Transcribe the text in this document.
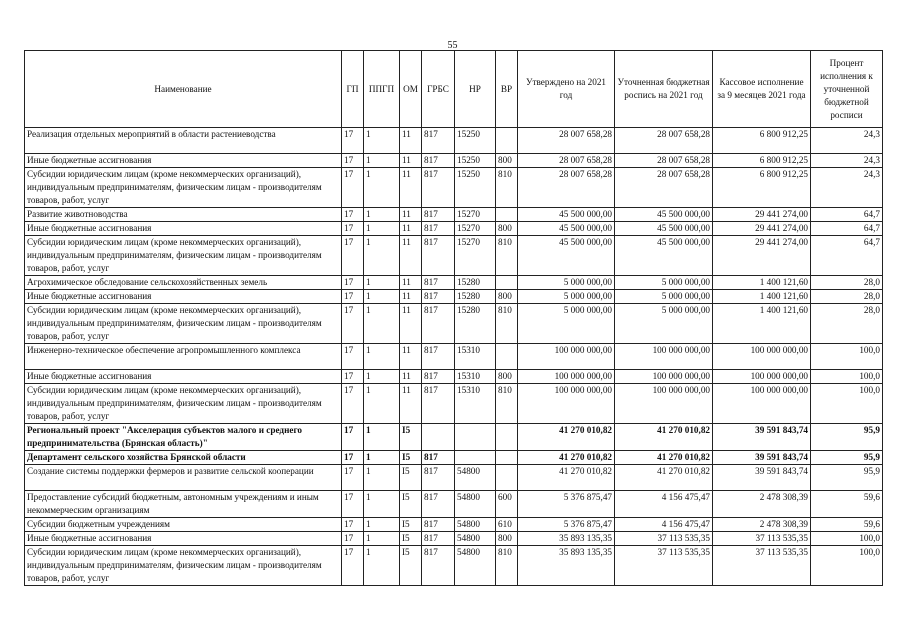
55
Наименование	ГП	ППГП	ОМ	ГРБС	НР	ВР	Утверждено на 2021 год	Уточненная бюджетная роспись на 2021 год	Кассовое исполнение за 9 месяцев 2021 года	Процент исполнения к уточненной бюджетной росписи
Реализация отдельных мероприятий в области растениеводства	17	1	11	817	15250		28 007 658,28	28 007 658,28	6 800 912,25	24,3
Иные бюджетные ассигнования	17	1	11	817	15250	800	28 007 658,28	28 007 658,28	6 800 912,25	24,3
Субсидии юридическим лицам (кроме некоммерческих организаций), индивидуальным предпринимателям, физическим лицам - производителям товаров, работ, услуг	17	1	11	817	15250	810	28 007 658,28	28 007 658,28	6 800 912,25	24,3
Развитие животноводства	17	1	11	817	15270		45 500 000,00	45 500 000,00	29 441 274,00	64,7
Иные бюджетные ассигнования	17	1	11	817	15270	800	45 500 000,00	45 500 000,00	29 441 274,00	64,7
Субсидии юридическим лицам (кроме некоммерческих организаций), индивидуальным предпринимателям, физическим лицам - производителям товаров, работ, услуг	17	1	11	817	15270	810	45 500 000,00	45 500 000,00	29 441 274,00	64,7
Агрохимическое обследование сельскохозяйственных земель	17	1	11	817	15280		5 000 000,00	5 000 000,00	1 400 121,60	28,0
Иные бюджетные ассигнования	17	1	11	817	15280	800	5 000 000,00	5 000 000,00	1 400 121,60	28,0
Субсидии юридическим лицам (кроме некоммерческих организаций), индивидуальным предпринимателям, физическим лицам - производителям товаров, работ, услуг	17	1	11	817	15280	810	5 000 000,00	5 000 000,00	1 400 121,60	28,0
Инженерно-техническое обеспечение агропромышленного комплекса	17	1	11	817	15310		100 000 000,00	100 000 000,00	100 000 000,00	100,0
Иные бюджетные ассигнования	17	1	11	817	15310	800	100 000 000,00	100 000 000,00	100 000 000,00	100,0
Субсидии юридическим лицам (кроме некоммерческих организаций), индивидуальным предпринимателям, физическим лицам - производителям товаров, работ, услуг	17	1	11	817	15310	810	100 000 000,00	100 000 000,00	100 000 000,00	100,0
Региональный проект "Акселерация субъектов малого и среднего предпринимательства (Брянская область)"	17	1	I5				41 270 010,82	41 270 010,82	39 591 843,74	95,9
Департамент сельского хозяйства Брянской области	17	1	I5	817			41 270 010,82	41 270 010,82	39 591 843,74	95,9
Создание системы поддержки фермеров и развитие сельской кооперации	17	1	I5	817	54800		41 270 010,82	41 270 010,82	39 591 843,74	95,9
Предоставление субсидий бюджетным, автономным учреждениям и иным некоммерческим организациям	17	1	I5	817	54800	600	5 376 875,47	4 156 475,47	2 478 308,39	59,6
Субсидии бюджетным учреждениям	17	1	I5	817	54800	610	5 376 875,47	4 156 475,47	2 478 308,39	59,6
Иные бюджетные ассигнования	17	1	I5	817	54800	800	35 893 135,35	37 113 535,35	37 113 535,35	100,0
Субсидии юридическим лицам (кроме некоммерческих организаций), индивидуальным предпринимателям, физическим лицам - производителям товаров, работ, услуг	17	1	I5	817	54800	810	35 893 135,35	37 113 535,35	37 113 535,35	100,0
